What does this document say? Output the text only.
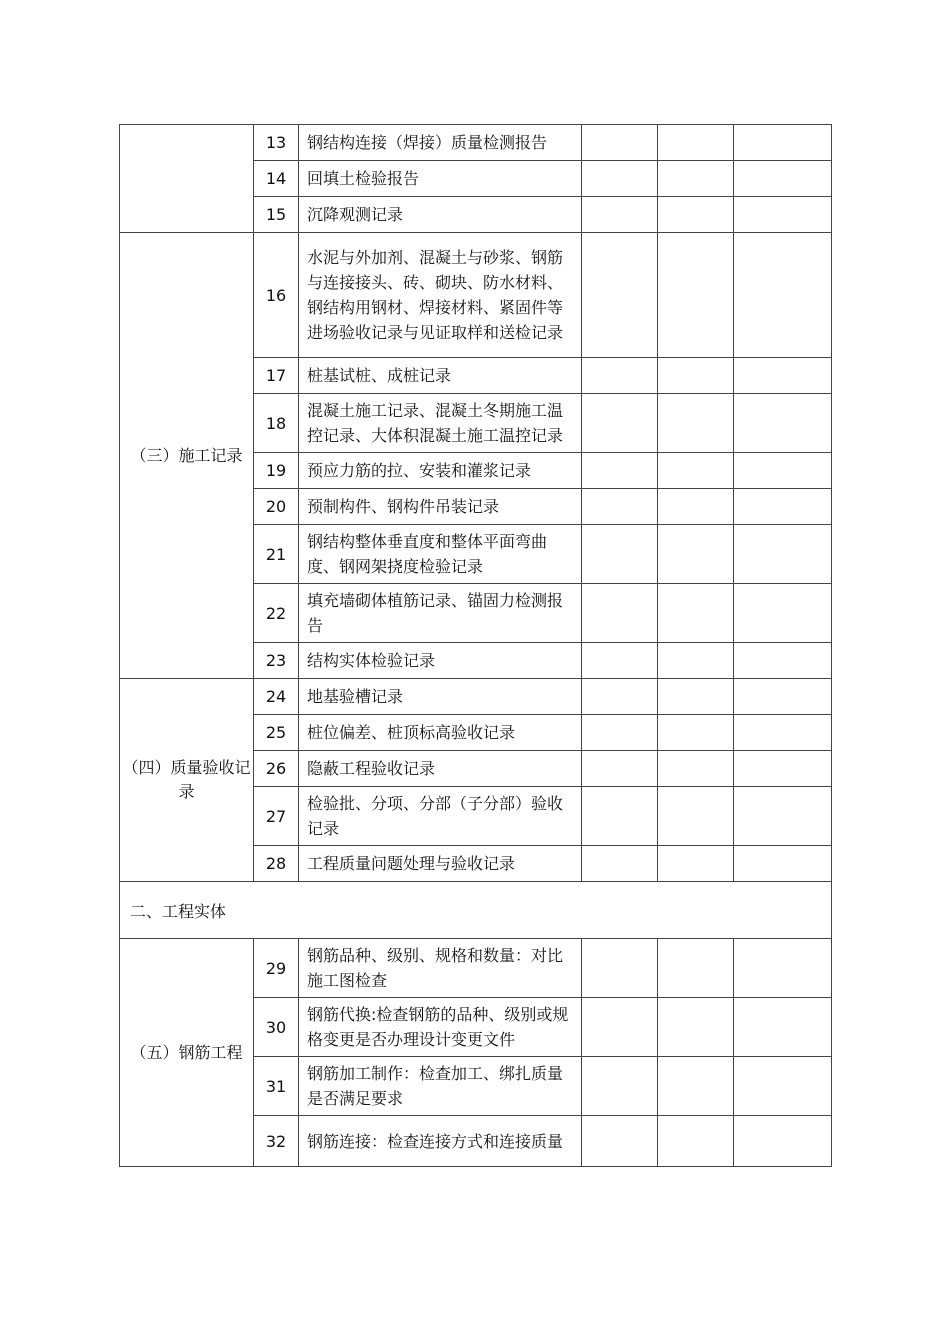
	13	钢结构连接（焊接）质量检测报告			
	14	回填土检验报告			
	15	沉降观测记录			
（三）施工记录	16	水泥与外加剂、混凝土与砂浆、钢筋与连接接头、砖、砌块、防水材料、钢结构用钢材、焊接材料、紧固件等进场验收记录与见证取样和送检记录			
	17	桩基试桩、成桩记录			
	18	混凝土施工记录、混凝土冬期施工温控记录、大体积混凝土施工温控记录			

	19	预应力筋的拉、安装和灌浆记录			
	20	预制构件、钢构件吊装记录			
	21	钢结构整体垂直度和整体平面弯曲度、钢网架挠度检验记录			
	22	填充墙砌体植筋记录、锚固力检测报告			
	23	结构实体检验记录			
（四）质量验收记录	24	地基验槽记录			
	25	桩位偏差、桩顶标高验收记录			
	26	隐蔽工程验收记录			
	27	检验批、分项、分部（子分部）验收记录			
	28	工程质量问题处理与验收记录			
二、工程实体					
（五）钢筋工程	29	钢筋品种、级别、规格和数量：对比施工图检查			
	30	钢筋代换:检查钢筋的品种、级别或规格变更是否办理设计变更文件			
	31	钢筋加工制作：检查加工、绑扎质量是否满足要求			
	32	钢筋连接：检查连接方式和连接质量			
